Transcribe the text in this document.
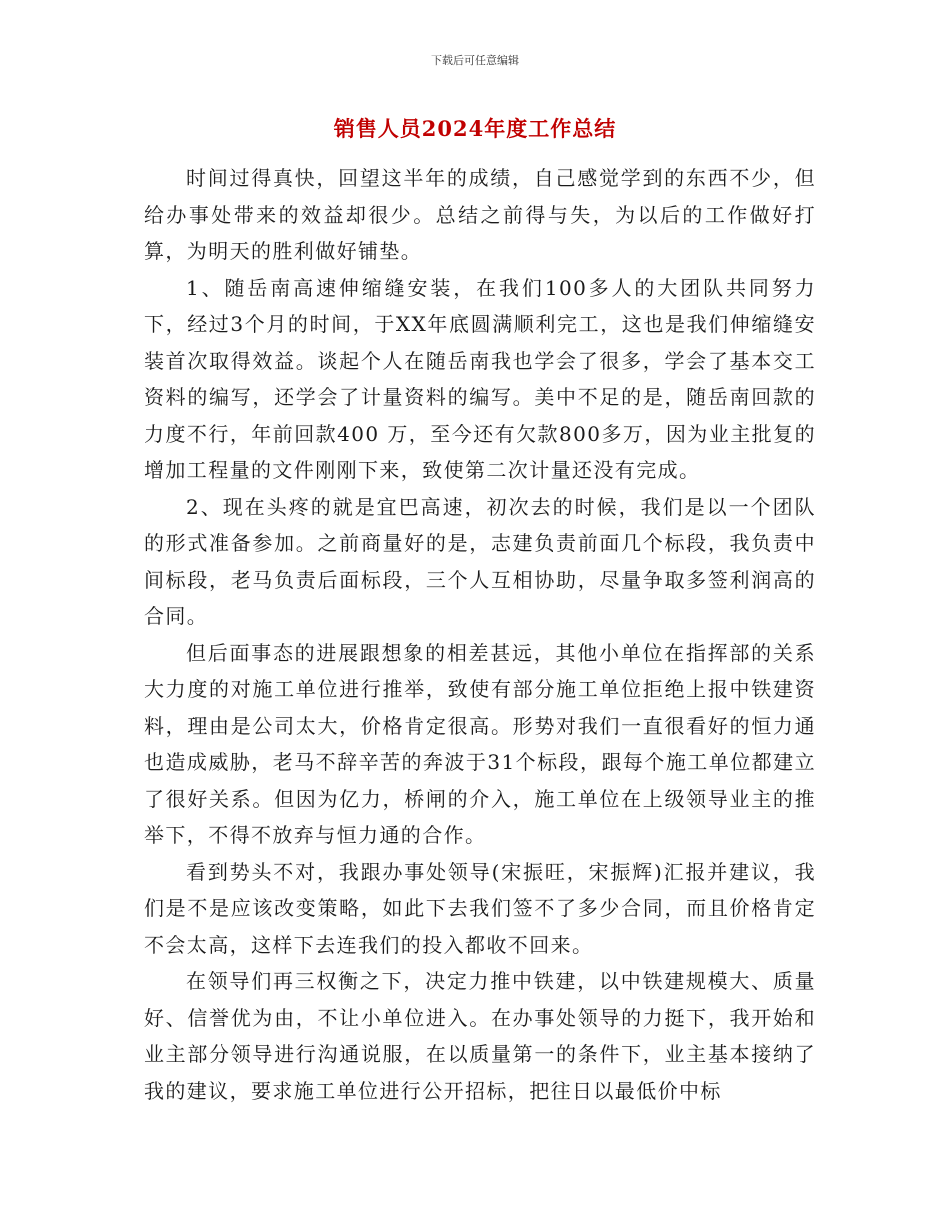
下载后可任意编辑
销售人员2024年度工作总结

时间过得真快，回望这半年的成绩，自己感觉学到的东西不少，但给办事处带来的效益却很少。总结之前得与失，为以后的工作做好打算，为明天的胜利做好铺垫。

1、随岳南高速伸缩缝安装，在我们100多人的大团队共同努力下，经过3个月的时间，于XX年底圆满顺利完工，这也是我们伸缩缝安装首次取得效益。谈起个人在随岳南我也学会了很多，学会了基本交工资料的编写，还学会了计量资料的编写。美中不足的是，随岳南回款的力度不行，年前回款400 万，至今还有欠款800多万，因为业主批复的增加工程量的文件刚刚下来，致使第二次计量还没有完成。

2、现在头疼的就是宜巴高速，初次去的时候，我们是以一个团队的形式准备参加。之前商量好的是，志建负责前面几个标段，我负责中间标段，老马负责后面标段，三个人互相协助，尽量争取多签利润高的合同。

但后面事态的进展跟想象的相差甚远，其他小单位在指挥部的关系大力度的对施工单位进行推举，致使有部分施工单位拒绝上报中铁建资料，理由是公司太大，价格肯定很高。形势对我们一直很看好的恒力通也造成威胁，老马不辞辛苦的奔波于31个标段，跟每个施工单位都建立了很好关系。但因为亿力，桥闸的介入，施工单位在上级领导业主的推举下，不得不放弃与恒力通的合作。

看到势头不对，我跟办事处领导(宋振旺，宋振辉)汇报并建议，我们是不是应该改变策略，如此下去我们签不了多少合同，而且价格肯定不会太高，这样下去连我们的投入都收不回来。

在领导们再三权衡之下，决定力推中铁建，以中铁建规模大、质量好、信誉优为由，不让小单位进入。在办事处领导的力挺下，我开始和业主部分领导进行沟通说服，在以质量第一的条件下，业主基本接纳了我的建议，要求施工单位进行公开招标，把往日以最低价中标
